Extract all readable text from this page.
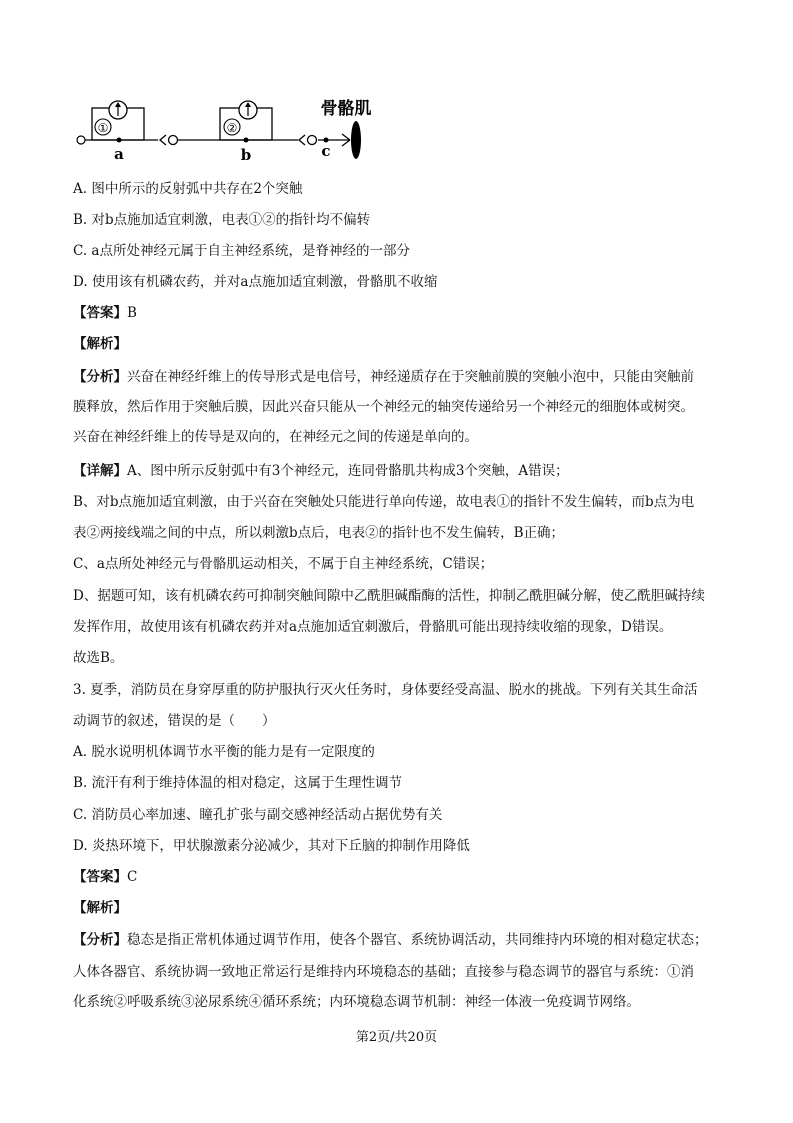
①
a
②
b	c
骨骼肌
A. 图中所示的反射弧中共存在2个突触
B. 对b点施加适宜刺激，电表①②的指针均不偏转
C. a点所处神经元属于自主神经系统，是脊神经的一部分
D. 使用该有机磷农药，并对a点施加适宜刺激，骨骼肌不收缩
【答案】B
【解析】
【分析】兴奋在神经纤维上的传导形式是电信号，神经递质存在于突触前膜的突触小泡中，只能由突触前
膜释放，然后作用于突触后膜，因此兴奋只能从一个神经元的轴突传递给另一个神经元的细胞体或树突。
兴奋在神经纤维上的传导是双向的，在神经元之间的传递是单向的。
【详解】A、图中所示反射弧中有3个神经元，连同骨骼肌共构成3个突触，A错误；
B、对b点施加适宜刺激，由于兴奋在突触处只能进行单向传递，故电表①的指针不发生偏转，而b点为电
表②两接线端之间的中点，所以刺激b点后，电表②的指针也不发生偏转，B正确；
C、a点所处神经元与骨骼肌运动相关，不属于自主神经系统，C错误；
D、据题可知，该有机磷农药可抑制突触间隙中乙酰胆碱酯酶的活性，抑制乙酰胆碱分解，使乙酰胆碱持续
发挥作用，故使用该有机磷农药并对a点施加适宜刺激后，骨骼肌可能出现持续收缩的现象，D错误。
故选B。
3. 夏季，消防员在身穿厚重的防护服执行灭火任务时，身体要经受高温、脱水的挑战。下列有关其生命活
动调节的叙述，错误的是（　　）
A. 脱水说明机体调节水平衡的能力是有一定限度的
B. 流汗有利于维持体温的相对稳定，这属于生理性调节
C. 消防员心率加速、瞳孔扩张与副交感神经活动占据优势有关
D. 炎热环境下，甲状腺激素分泌减少，其对下丘脑的抑制作用降低
【答案】C
【解析】
【分析】稳态是指正常机体通过调节作用，使各个器官、系统协调活动，共同维持内环境的相对稳定状态；
人体各器官、系统协调一致地正常运行是维持内环境稳态的基础；直接参与稳态调节的器官与系统：①消
化系统②呼吸系统③泌尿系统④循环系统；内环境稳态调节机制：神经一体液一免疫调节网络。
第2页/共20页
